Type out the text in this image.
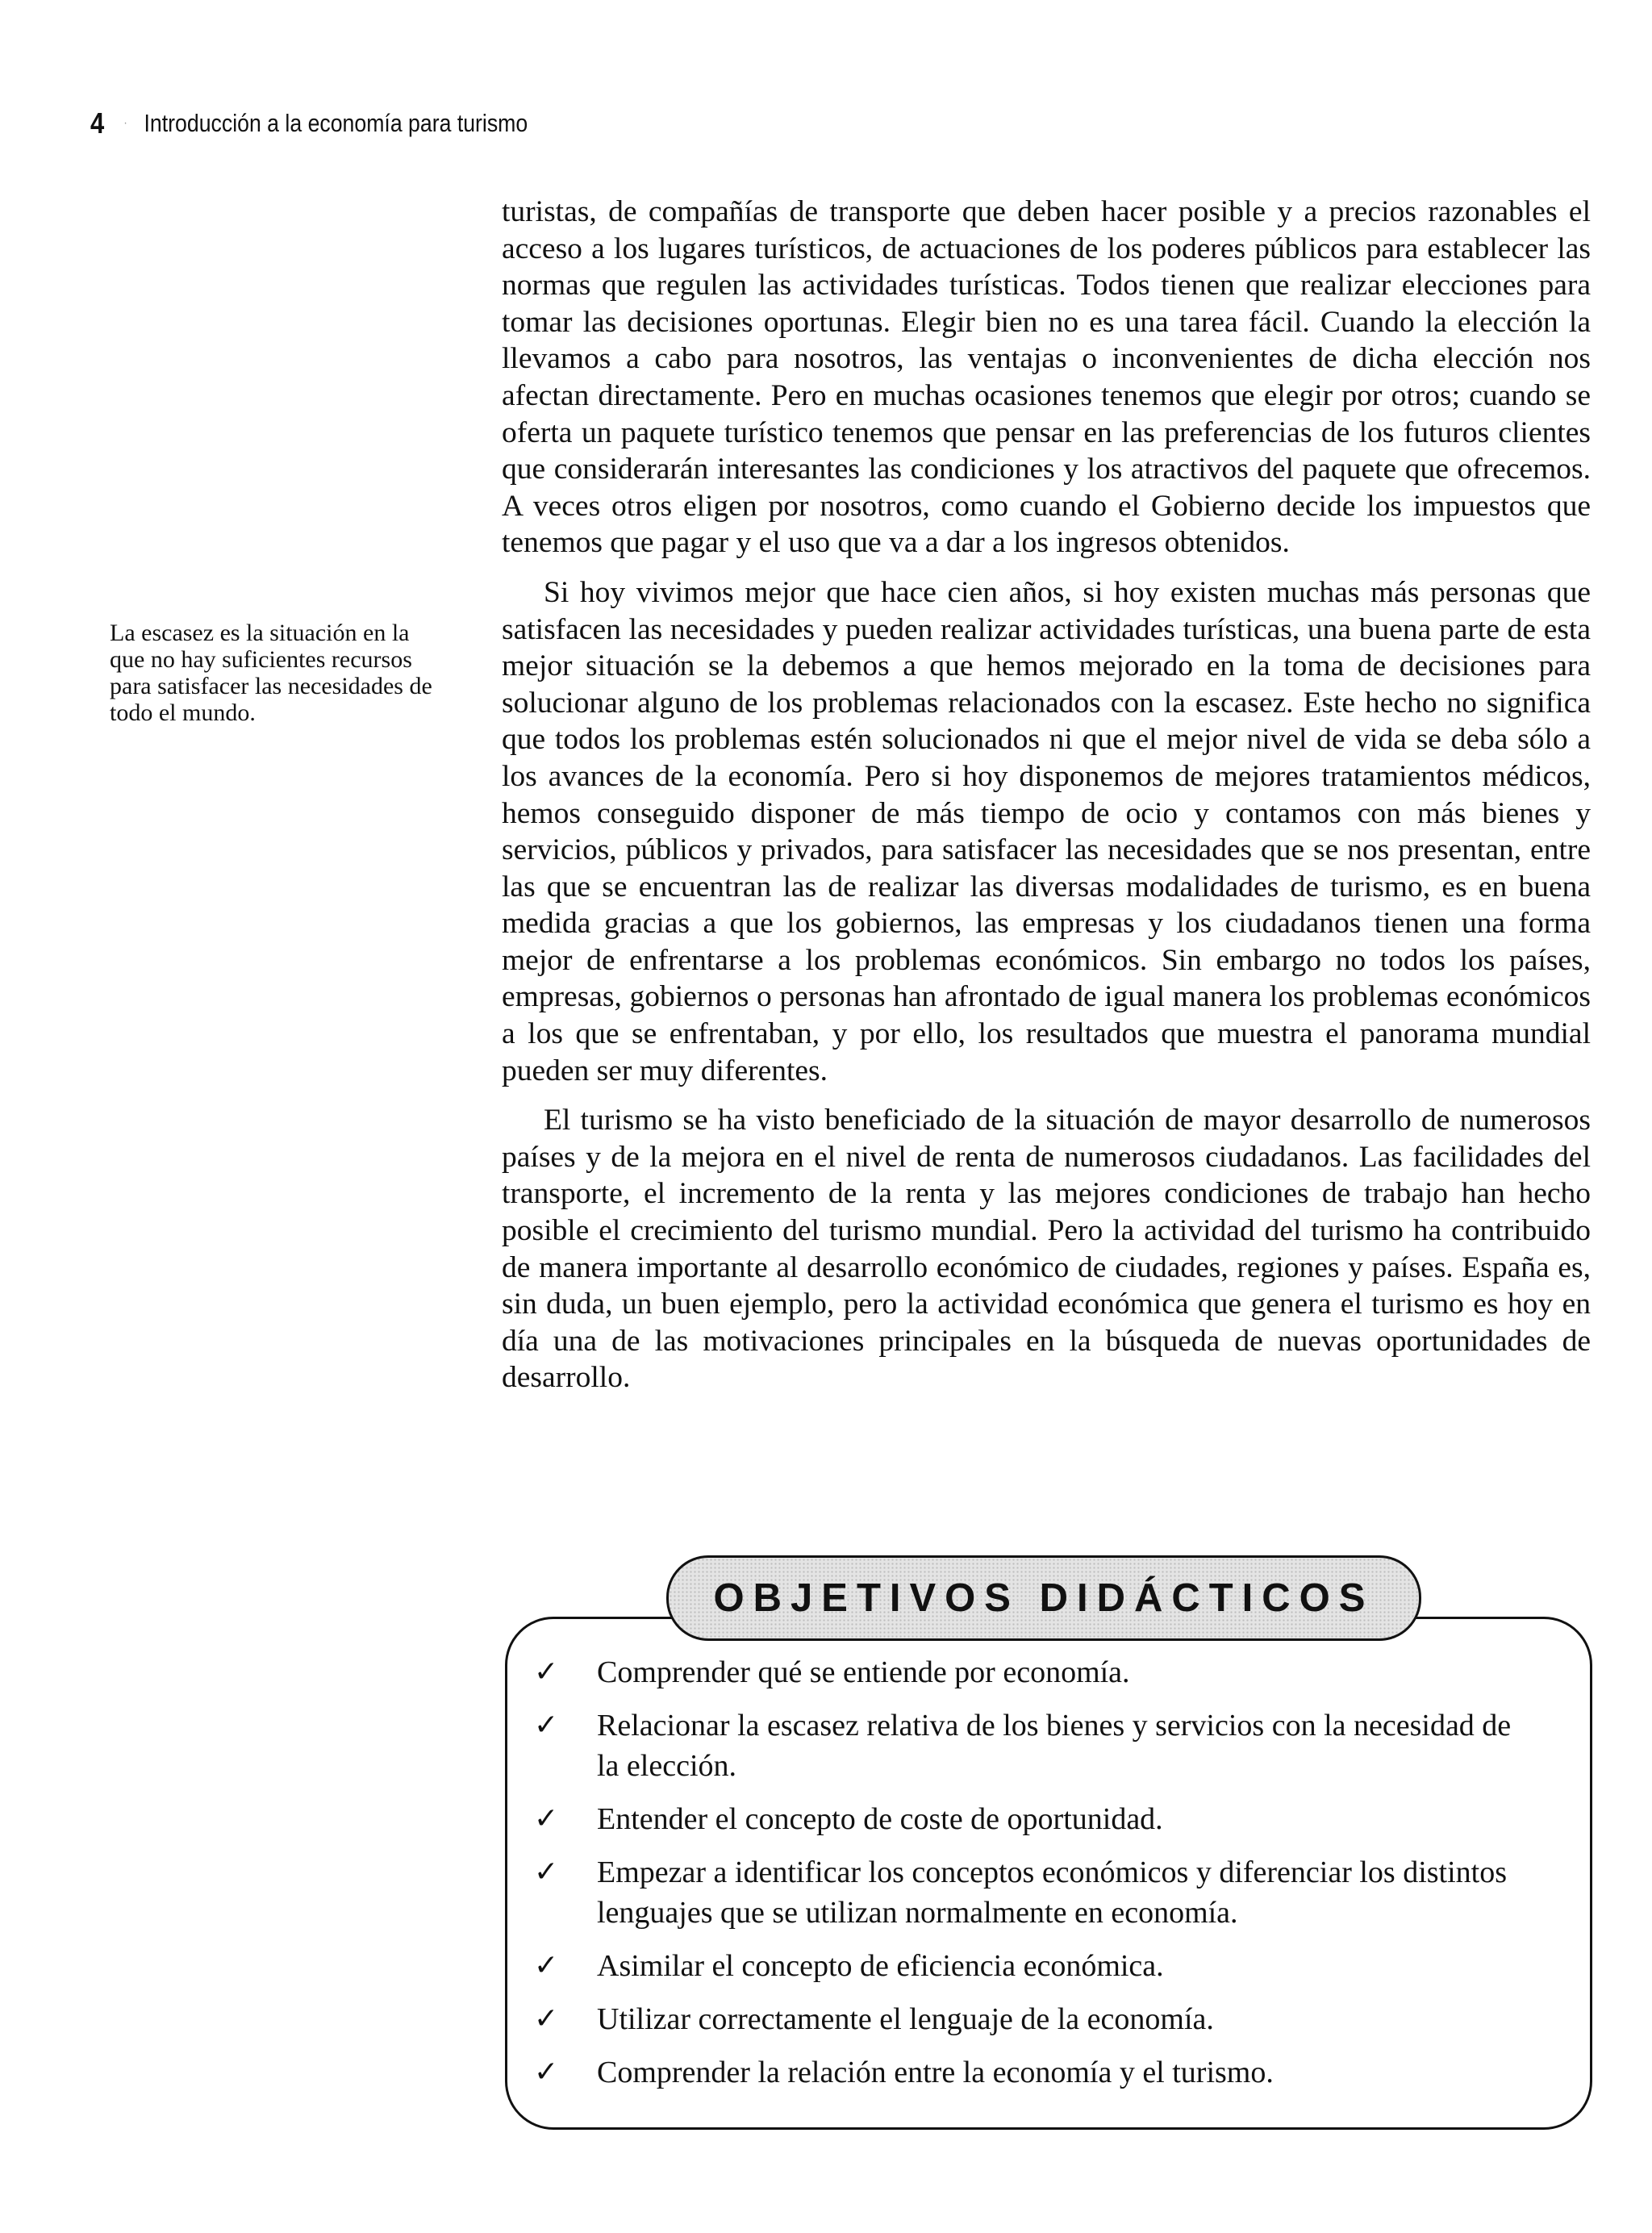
4 · Introducción a la economía para turismo
La escasez es la situación en la que no hay suficientes recursos para satisfacer las necesidades de todo el mundo.

turistas, de compañías de transporte que deben hacer posible y a precios razonables el acceso a los lugares turísticos, de actuaciones de los poderes públicos para establecer las normas que regulen las actividades turísticas. Todos tienen que realizar elecciones para tomar las decisiones oportunas. Elegir bien no es una tarea fácil. Cuando la elección la llevamos a cabo para nosotros, las ventajas o inconvenientes de dicha elección nos afectan directamente. Pero en muchas ocasiones tenemos que elegir por otros; cuando se oferta un paquete turístico tenemos que pensar en las preferencias de los futuros clientes que considerarán interesantes las condiciones y los atractivos del paquete que ofrecemos. A veces otros eligen por nosotros, como cuando el Gobierno decide los impuestos que tenemos que pagar y el uso que va a dar a los ingresos obtenidos.

Si hoy vivimos mejor que hace cien años, si hoy existen muchas más personas que satisfacen las necesidades y pueden realizar actividades turísticas, una buena parte de esta mejor situación se la debemos a que hemos mejorado en la toma de decisiones para solucionar alguno de los problemas relacionados con la escasez. Este hecho no significa que todos los problemas estén solucionados ni que el mejor nivel de vida se deba sólo a los avances de la economía. Pero si hoy disponemos de mejores tratamientos médicos, hemos conseguido disponer de más tiempo de ocio y contamos con más bienes y servicios, públicos y privados, para satisfacer las necesidades que se nos presentan, entre las que se encuentran las de realizar las diversas modalidades de turismo, es en buena medida gracias a que los gobiernos, las empresas y los ciudadanos tienen una forma mejor de enfrentarse a los problemas económicos. Sin embargo no todos los países, empresas, gobiernos o personas han afrontado de igual manera los problemas económicos a los que se enfrentaban, y por ello, los resultados que muestra el panorama mundial pueden ser muy diferentes.

El turismo se ha visto beneficiado de la situación de mayor desarrollo de numerosos países y de la mejora en el nivel de renta de numerosos ciudadanos. Las facilidades del transporte, el incremento de la renta y las mejores condiciones de trabajo han hecho posible el crecimiento del turismo mundial. Pero la actividad del turismo ha contribuido de manera importante al desarrollo económico de ciudades, regiones y países. España es, sin duda, un buen ejemplo, pero la actividad económica que genera el turismo es hoy en día una de las motivaciones principales en la búsqueda de nuevas oportunidades de desarrollo.

OBJETIVOS DIDÁCTICOS
✓	Comprender qué se entiende por economía.
✓	Relacionar la escasez relativa de los bienes y servicios con la necesidad de la elección.
✓	Entender el concepto de coste de oportunidad.
✓	Empezar a identificar los conceptos económicos y diferenciar los distintos lenguajes que se utilizan normalmente en economía.
✓	Asimilar el concepto de eficiencia económica.
✓	Utilizar correctamente el lenguaje de la economía.
✓	Comprender la relación entre la economía y el turismo.
